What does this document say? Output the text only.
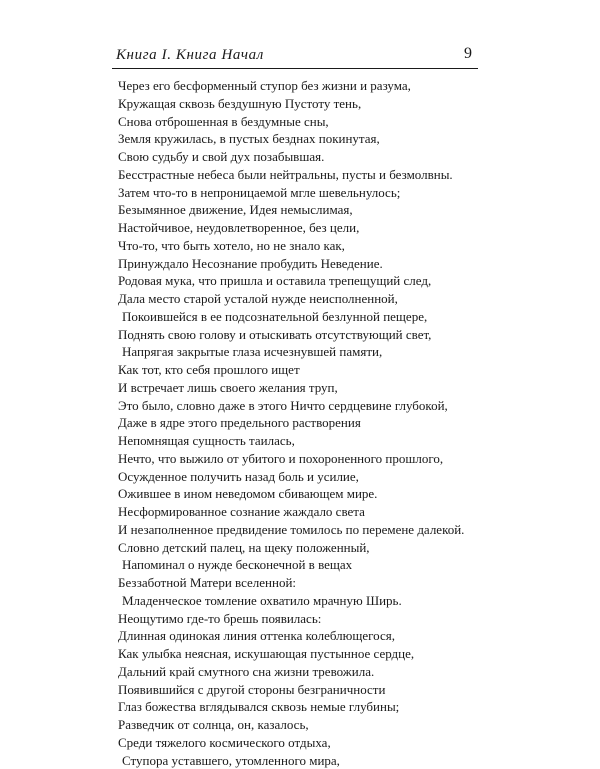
Книга I. Книга Начал	9
Через его бесформенный ступор без жизни и разума,
Кружащая сквозь бездушную Пустоту тень,
Снова отброшенная в бездумные сны,
Земля кружилась, в пустых безднах покинутая,
Свою судьбу и свой дух позабывшая.
Бесстрастные небеса были нейтральны, пусты и безмолвны.
Затем что-то в непроницаемой мгле шевельнулось;
Безымянное движение, Идея немыслимая,
Настойчивое, неудовлетворенное, без цели,
Что-то, что быть хотело, но не знало как,
Принуждало Несознание пробудить Неведение.
Родовая мука, что пришла и оставила трепещущий след,
Дала место старой усталой нужде неисполненной,
Покоившейся в ее подсознательной безлунной пещере,
Поднять свою голову и отыскивать отсутствующий свет,
Напрягая закрытые глаза исчезнувшей памяти,
Как тот, кто себя прошлого ищет
И встречает лишь своего желания труп,
Это было, словно даже в этого Ничто сердцевине глубокой,
Даже в ядре этого предельного растворения
Непомнящая сущность таилась,
Нечто, что выжило от убитого и похороненного прошлого,
Осужденное получить назад боль и усилие,
Ожившее в ином неведомом сбивающем мире.
Несформированное сознание жаждало света
И незаполненное предвидение томилось по перемене далекой.
Словно детский палец, на щеку положенный,
Напоминал о нужде бесконечной в вещах
Беззаботной Матери вселенной:
Младенческое томление охватило мрачную Ширь.
Неощутимо где-то брешь появилась:
Длинная одинокая линия оттенка колеблющегося,
Как улыбка неясная, искушающая пустынное сердце,
Дальний край смутного сна жизни тревожила.
Появившийся с другой стороны безграничности
Глаз божества вглядывался сквозь немые глубины;
Разведчик от солнца, он, казалось,
Среди тяжелого космического отдыха,
Ступора уставшего, утомленного мира,
